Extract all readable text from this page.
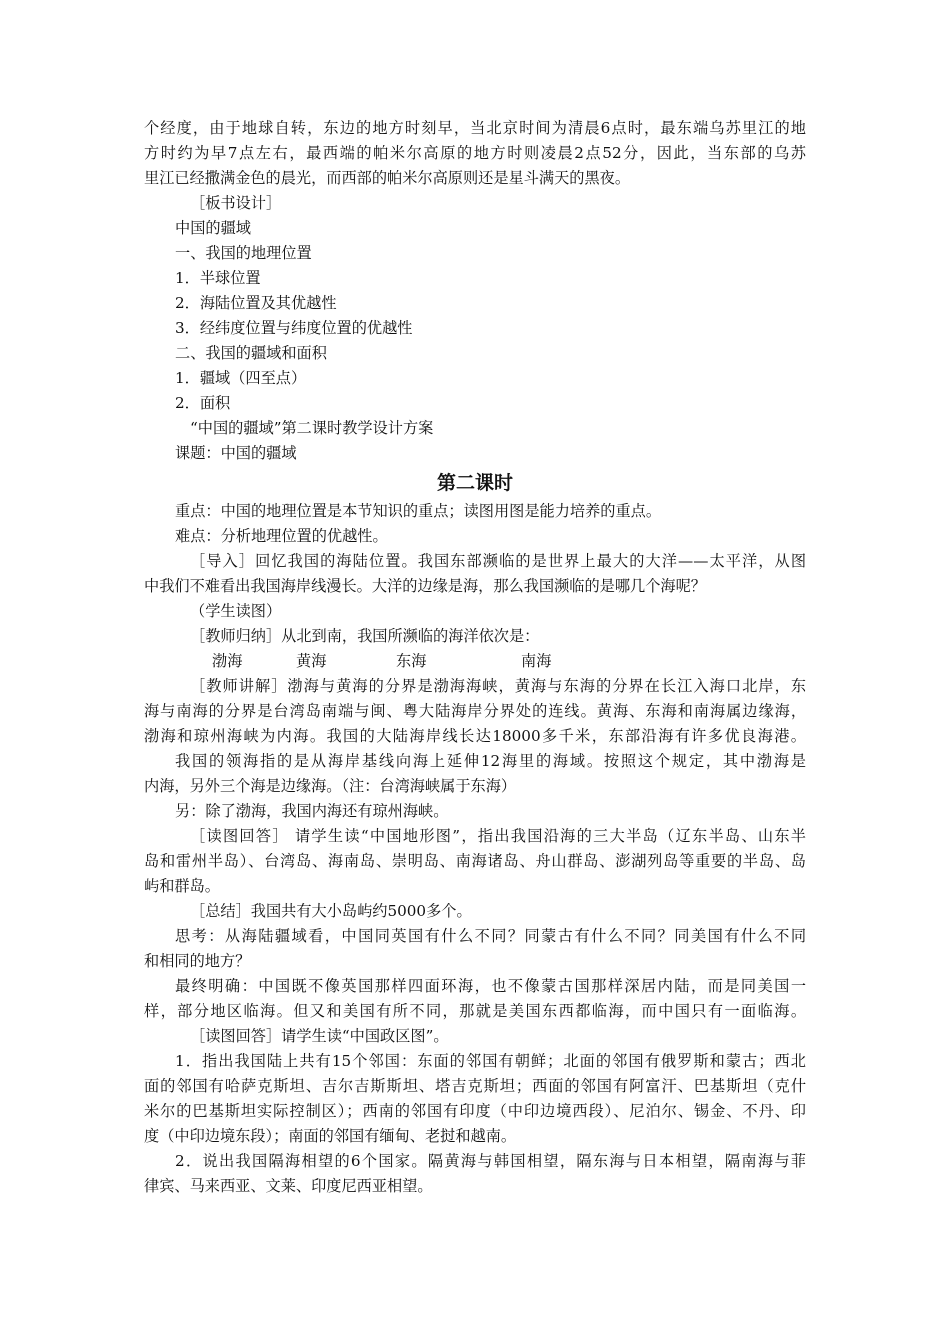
个经度，由于地球自转，东边的地方时刻早，当北京时间为清晨6点时，最东端乌苏里江的地
方时约为早7点左右，最西端的帕米尔高原的地方时则凌晨2点52分，因此，当东部的乌苏
里江已经撒满金色的晨光，而西部的帕米尔高原则还是星斗满天的黑夜。
［板书设计］
中国的疆域
一、我国的地理位置
1．半球位置
2．海陆位置及其优越性
3．经纬度位置与纬度位置的优越性
二、我国的疆域和面积
1．疆域（四至点）
2．面积
“中国的疆域”第二课时教学设计方案
课题：中国的疆域
第二课时
重点：中国的地理位置是本节知识的重点；读图用图是能力培养的重点。
难点：分析地理位置的优越性。
［导入］回忆我国的海陆位置。我国东部濒临的是世界上最大的大洋——太平洋，从图
中我们不难看出我国海岸线漫长。大洋的边缘是海，那么我国濒临的是哪几个海呢？
（学生读图）
［教师归纳］从北到南，我国所濒临的海洋依次是：
渤海	黄海	东海	南海
［教师讲解］渤海与黄海的分界是渤海海峡，黄海与东海的分界在长江入海口北岸，东
海与南海的分界是台湾岛南端与闽、粤大陆海岸分界处的连线。黄海、东海和南海属边缘海，
渤海和琼州海峡为内海。我国的大陆海岸线长达18000多千米，东部沿海有许多优良海港。
我国的领海指的是从海岸基线向海上延伸12海里的海域。按照这个规定，其中渤海是
内海，另外三个海是边缘海。（注：台湾海峡属于东海）
另：除了渤海，我国内海还有琼州海峡。
［读图回答］ 请学生读“中国地形图”，指出我国沿海的三大半岛（辽东半岛、山东半
岛和雷州半岛）、台湾岛、海南岛、崇明岛、南海诸岛、舟山群岛、澎湖列岛等重要的半岛、岛
屿和群岛。
［总结］我国共有大小岛屿约5000多个。
思考：从海陆疆域看，中国同英国有什么不同？同蒙古有什么不同？同美国有什么不同
和相同的地方？
最终明确：中国既不像英国那样四面环海，也不像蒙古国那样深居内陆，而是同美国一
样，部分地区临海。但又和美国有所不同，那就是美国东西都临海，而中国只有一面临海。
［读图回答］请学生读“中国政区图”。
1．指出我国陆上共有15个邻国：东面的邻国有朝鲜；北面的邻国有俄罗斯和蒙古；西北
面的邻国有哈萨克斯坦、吉尔吉斯斯坦、塔吉克斯坦；西面的邻国有阿富汗、巴基斯坦（克什
米尔的巴基斯坦实际控制区）；西南的邻国有印度（中印边境西段）、尼泊尔、锡金、不丹、印
度（中印边境东段）；南面的邻国有缅甸、老挝和越南。
2．说出我国隔海相望的6个国家。隔黄海与韩国相望，隔东海与日本相望，隔南海与菲
律宾、马来西亚、文莱、印度尼西亚相望。
